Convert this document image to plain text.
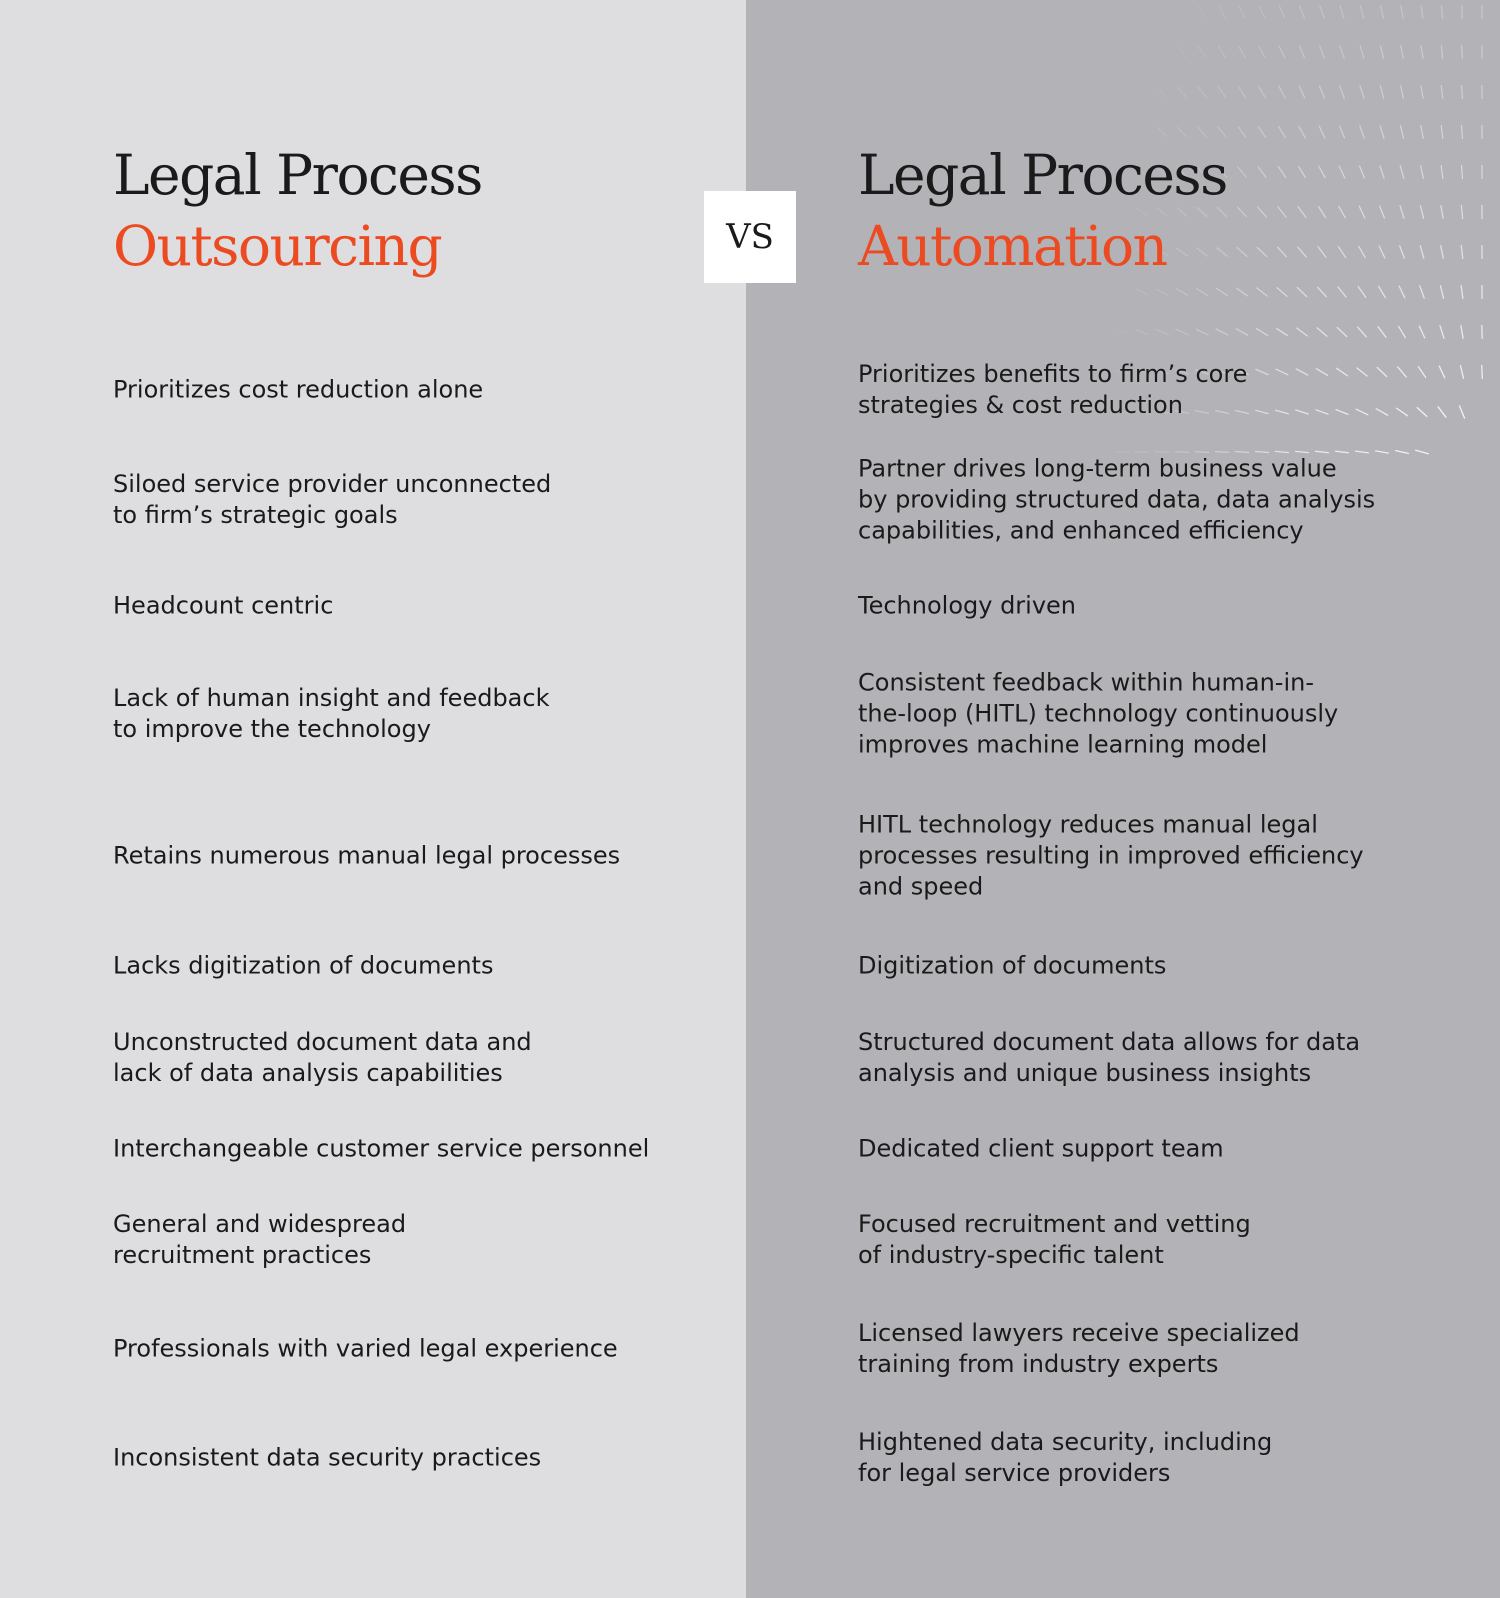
Legal Process
Outsourcing
Legal Process
Automation
VS

Prioritizes cost reduction alone

Siloed service provider unconnected
to firm’s strategic goals

Headcount centric

Lack of human insight and feedback
to improve the technology

Retains numerous manual legal processes

Lacks digitization of documents

Unconstructed document data and
lack of data analysis capabilities

Interchangeable customer service personnel

General and widespread
recruitment practices

Professionals with varied legal experience

Inconsistent data security practices

Prioritizes benefits to firm’s core
strategies & cost reduction

Partner drives long-term business value
by providing structured data, data analysis
capabilities, and enhanced efficiency

Technology driven

Consistent feedback within human-in-
the-loop (HITL) technology continuously
improves machine learning model

HITL technology reduces manual legal
processes resulting in improved efficiency
and speed

Digitization of documents

Structured document data allows for data
analysis and unique business insights

Dedicated client support team

Focused recruitment and vetting
of industry-specific talent

Licensed lawyers receive specialized
training from industry experts

Hightened data security, including
for legal service providers
